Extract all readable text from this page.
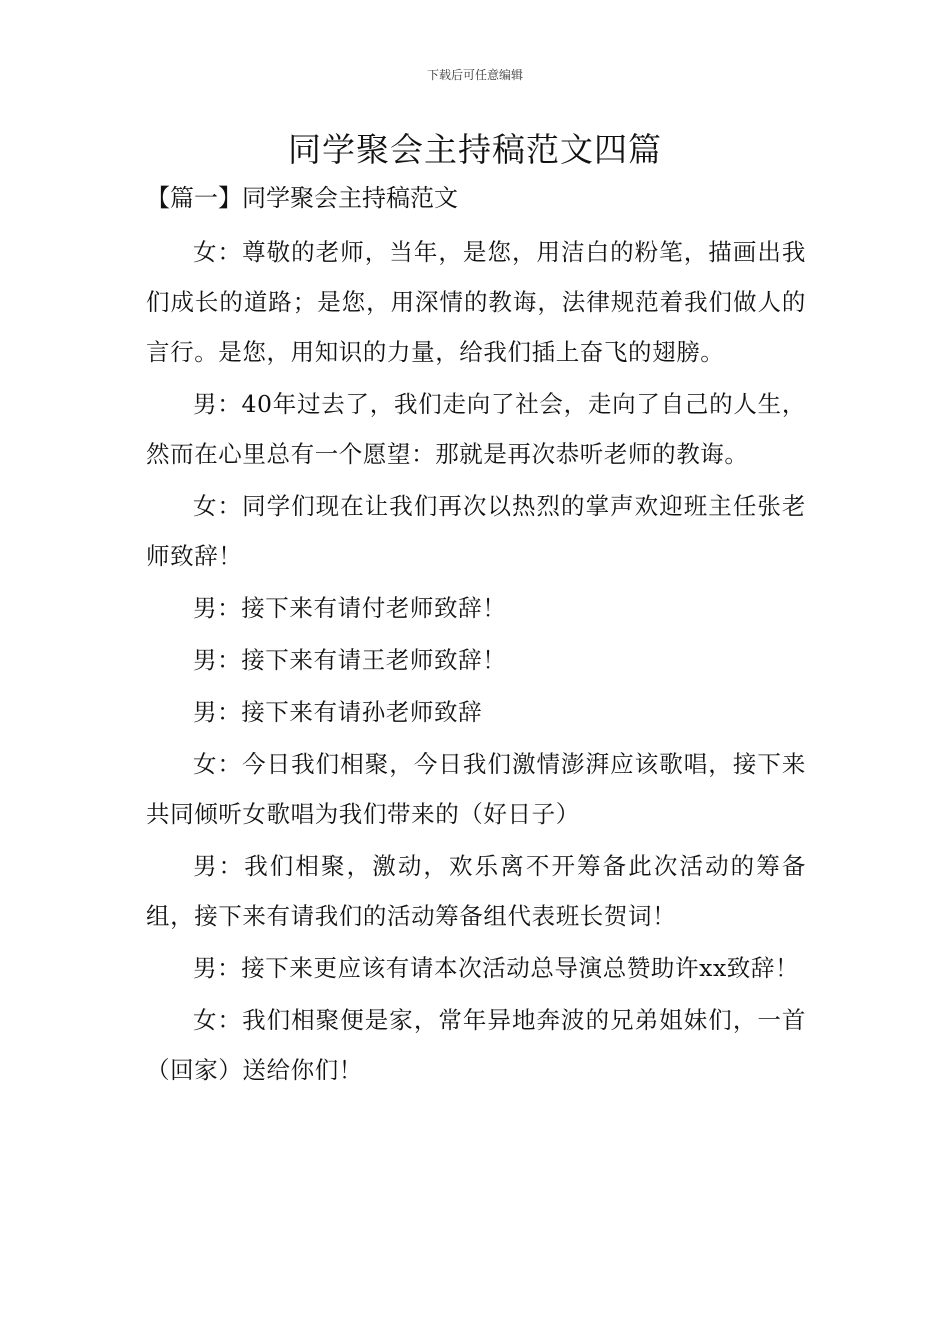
下载后可任意编辑
同学聚会主持稿范文四篇
【篇一】同学聚会主持稿范文

女：尊敬的老师，当年，是您，用洁白的粉笔，描画出我们成长的道路；是您，用深情的教诲，法律规范着我们做人的言行。是您，用知识的力量，给我们插上奋飞的翅膀。

男：40年过去了，我们走向了社会，走向了自己的人生，然而在心里总有一个愿望：那就是再次恭听老师的教诲。

女：同学们现在让我们再次以热烈的掌声欢迎班主任张老师致辞！

男：接下来有请付老师致辞！

男：接下来有请王老师致辞！

男：接下来有请孙老师致辞

女：今日我们相聚，今日我们激情澎湃应该歌唱，接下来共同倾听女歌唱为我们带来的（好日子）

男：我们相聚，激动，欢乐离不开筹备此次活动的筹备组，接下来有请我们的活动筹备组代表班长贺词！

男：接下来更应该有请本次活动总导演总赞助许xx致辞！

女：我们相聚便是家，常年异地奔波的兄弟姐妹们，一首（回家）送给你们！
